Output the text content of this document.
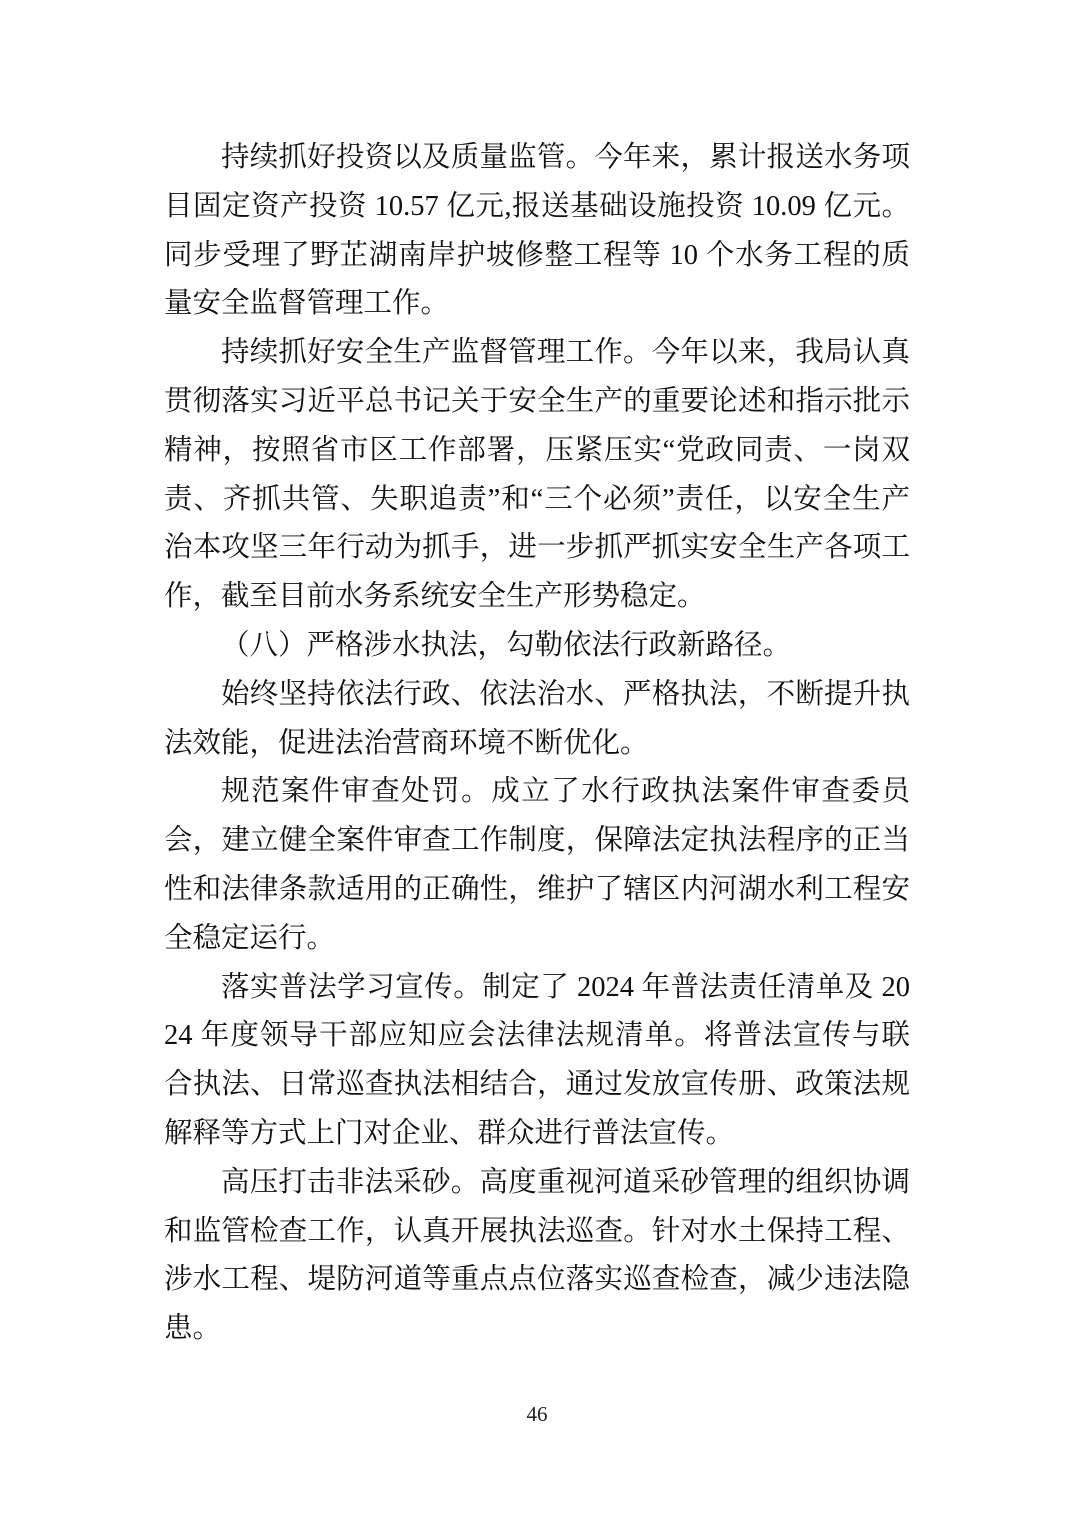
持续抓好投资以及质量监管。今年来，累计报送水务项目固定资产投资 10.57 亿元,报送基础设施投资 10.09 亿元。同步受理了野芷湖南岸护坡修整工程等 10 个水务工程的质量安全监督管理工作。

持续抓好安全生产监督管理工作。今年以来，我局认真贯彻落实习近平总书记关于安全生产的重要论述和指示批示精神，按照省市区工作部署，压紧压实“党政同责、一岗双责、齐抓共管、失职追责”和“三个必须”责任，以安全生产治本攻坚三年行动为抓手，进一步抓严抓实安全生产各项工作，截至目前水务系统安全生产形势稳定。

（八）严格涉水执法，勾勒依法行政新路径。

始终坚持依法行政、依法治水、严格执法，不断提升执法效能，促进法治营商环境不断优化。

规范案件审查处罚。成立了水行政执法案件审查委员会，建立健全案件审查工作制度，保障法定执法程序的正当性和法律条款适用的正确性，维护了辖区内河湖水利工程安全稳定运行。

落实普法学习宣传。制定了 2024 年普法责任清单及 2024 年度领导干部应知应会法律法规清单。将普法宣传与联合执法、日常巡查执法相结合，通过发放宣传册、政策法规解释等方式上门对企业、群众进行普法宣传。

高压打击非法采砂。高度重视河道采砂管理的组织协调和监管检查工作，认真开展执法巡查。针对水土保持工程、涉水工程、堤防河道等重点点位落实巡查检查，减少违法隐患。

46
